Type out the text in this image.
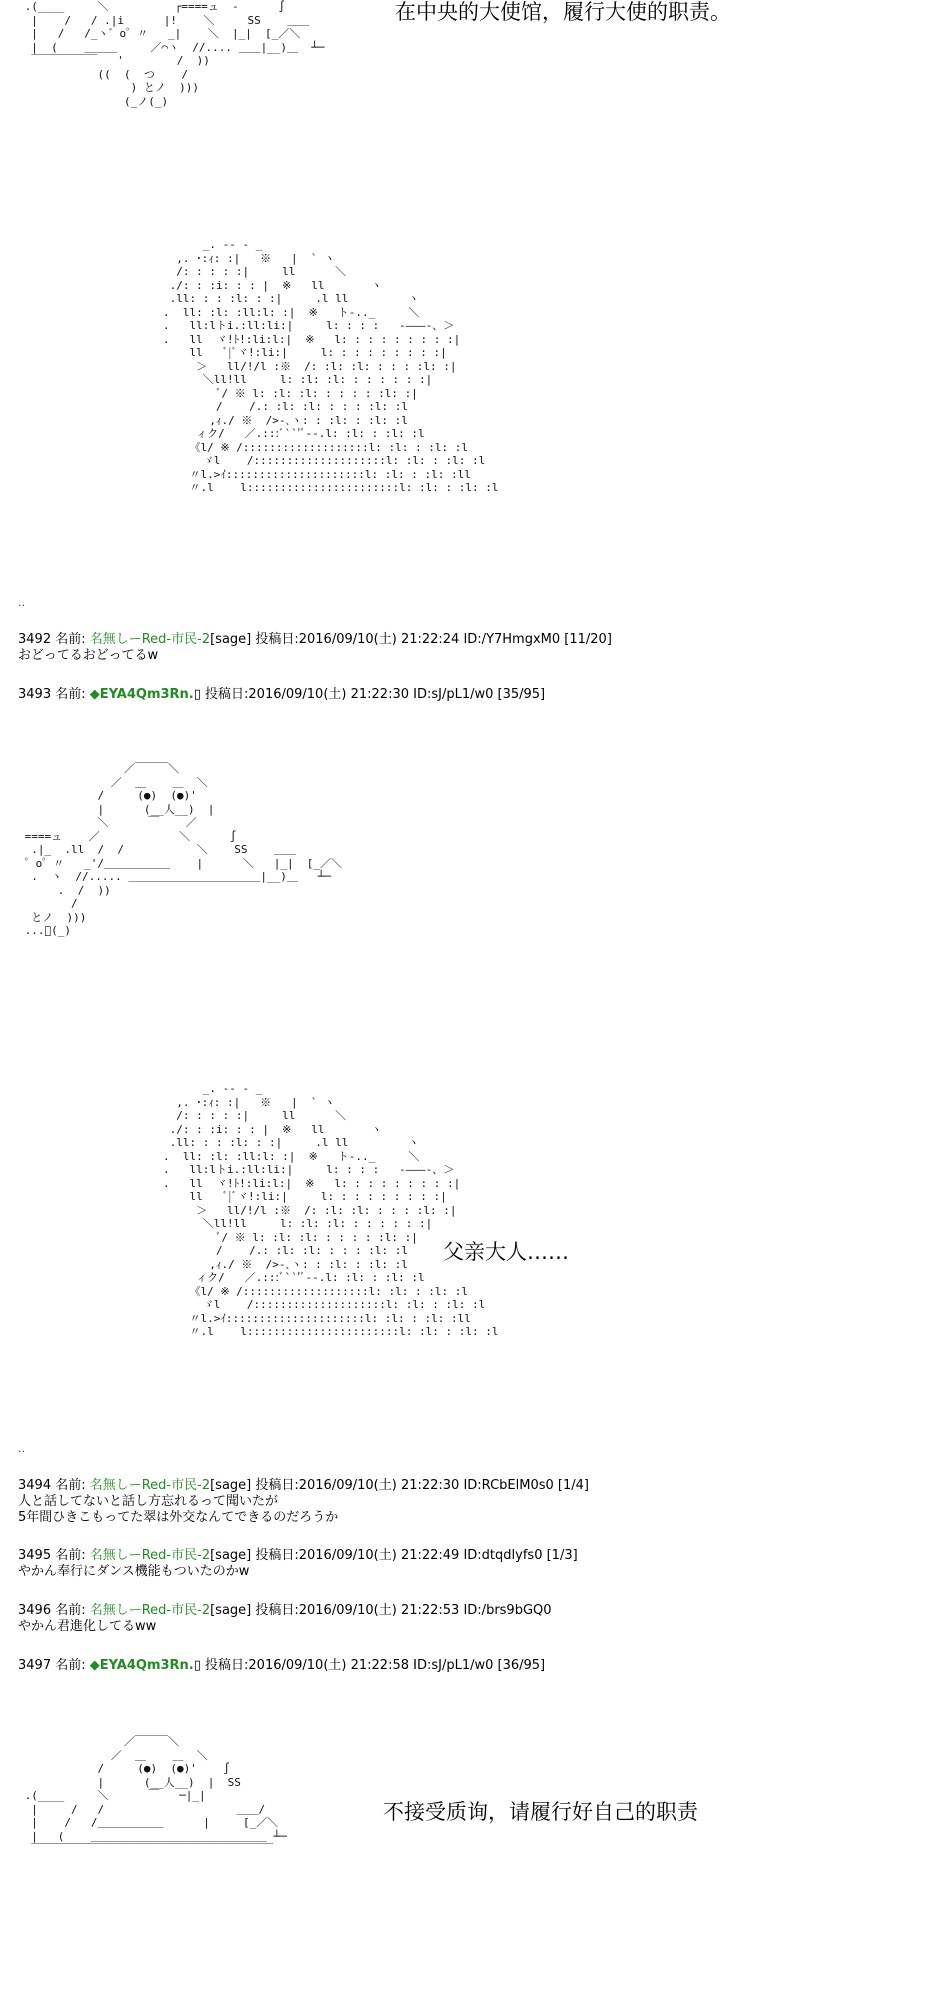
.(____     ＼          ┌====ュ  -      ∫
|    /   / .|i      |!    ＼     SS    ＿＿
|   /   /_ヽ゛o゜〃   _|    ＼  |_|  [_／＼
|  (    ＿＿＿     ／⌒ヽ  //.... ＿＿|__)＿  ┴─
￣￣￣￣￣￣   '        /  ))
((  (  つ    /
) とノ  )))
(_ノ(_)
在中央的大使馆，履行大使的职责。
_. -‐ - _
,. ･:ｨ: :|   ※   |  ` ヽ
/: : : : :|     ll      ＼
./: : :i: : : |  ※   ll       ヽ
.ll: : : :l: : :|     .l ll         ヽ
.  ll: :l: :ll:l: :|  ※   ト-.._     ＼
.   ll:lトi.:ll:li:|     l: : : :   ‐―――‐、＞
.   ll  ヾ!ﾄ!:li:l:|  ※   l: : : : : : : : :|
ll   ﾞ|ﾞヾ!:li:|     l: : : : : : : : :|
＞   ll/!/l :※  /: :l: :l: : : : :l: :|
＼ll!ll     l: :l: :l: : : : : : :|
ﾞ/ ※ l: :l: :l: : : : : :l: :|
/    /.: :l: :l: : : : :l: :l
,ｨ./ ※  />-､ヽ: : :l: : :l: :l
ィク/   ／.:::ﾞ``'ﾞ‐-.l: :l: : :l: :l
《l/ ※ /:::::::::::::::::::l: :l: : :l: :l
ゞl    /::::::::::::::::::::l: :l: : :l: :l
〃l.>ｲ:::::::::::::::::::::l: :l: : :l: :ll
〃.l    l:::::::::::::::::::::::l: :l: : :l: :l
..
3492 名前: 名無しーRed-市民-2[sage] 投稿日:2016/09/10(土) 21:22:24 ID:/Y7HmgxM0 [11/20]
おどってるおどってるw
3493 名前: ◆EYA4Qm3Rn.▯ 投稿日:2016/09/10(土) 21:22:30 ID:sJ/pL1/w0 [35/95]
／￣￣￣＼
／  ＿    ＿  ＼
/     (●)  (●)'
|      (__人__)  |
＼      ￣    ／
====ュ    ／            ＼      ∫
.|_  .ll  /  /           ＼    SS    ＿＿
゜o゜〃   _'/＿＿＿＿＿＿    |      ＼   |_|  [_／＼
.  ヽ  //..... ＿＿＿＿＿＿＿＿＿＿＿＿|__)＿   ┴─
.  /  ))
/
とノ  )))
...ﾟ(_)
_. -‐ - _
,. ･:ｨ: :|   ※   |  ` ヽ
/: : : : :|     ll      ＼
./: : :i: : : |  ※   ll       ヽ
.ll: : : :l: : :|     .l ll         ヽ
.  ll: :l: :ll:l: :|  ※   ト-.._     ＼
.   ll:lトi.:ll:li:|     l: : : :   ‐―――‐、＞
.   ll  ヾ!ﾄ!:li:l:|  ※   l: : : : : : : : :|
ll   ﾞ|ﾞヾ!:li:|     l: : : : : : : : :|
＞   ll/!/l :※  /: :l: :l: : : : :l: :|
＼ll!ll     l: :l: :l: : : : : : :|
ﾞ/ ※ l: :l: :l: : : : : :l: :|
/    /.: :l: :l: : : : :l: :l
,ｨ./ ※  />-､ヽ: : :l: : :l: :l
ィク/   ／.:::ﾞ``'ﾞ‐-.l: :l: : :l: :l
《l/ ※ /:::::::::::::::::::l: :l: : :l: :l
ゞl    /::::::::::::::::::::l: :l: : :l: :l
〃l.>ｲ:::::::::::::::::::::l: :l: : :l: :ll
〃.l    l:::::::::::::::::::::::l: :l: : :l: :l
父亲大人……
..
3494 名前: 名無しーRed-市民-2[sage] 投稿日:2016/09/10(土) 21:22:30 ID:RCbElM0s0 [1/4]
人と話してないと話し方忘れるって聞いたが
5年間ひきこもってた翠は外交なんてできるのだろうか
3495 名前: 名無しーRed-市民-2[sage] 投稿日:2016/09/10(土) 21:22:49 ID:dtqdlyfs0 [1/3]
やかん奉行にダンス機能もついたのかw
3496 名前: 名無しーRed-市民-2[sage] 投稿日:2016/09/10(土) 21:22:53 ID:/brs9bGQ0
やかん君進化してるww
3497 名前: ◆EYA4Qm3Rn.▯ 投稿日:2016/09/10(土) 21:22:58 ID:sJ/pL1/w0 [36/95]
／￣￣￣＼
／  ＿    ＿  ＼
/     (●)  (●)'    ∫
|      (__人__)  |  SS
.(____     ＼      ￣   ─|_|
|     /   /                    ＿＿/
|    /   /＿＿＿＿＿＿      |     [_／＼
|   (    ＿＿＿＿＿＿＿＿＿＿＿＿＿＿＿＿ ┴─
￣￣￣￣￣￣￣￣￣￣￣￣￣￣￣￣￣￣￣￣￣￣
不接受质询，请履行好自己的职责
